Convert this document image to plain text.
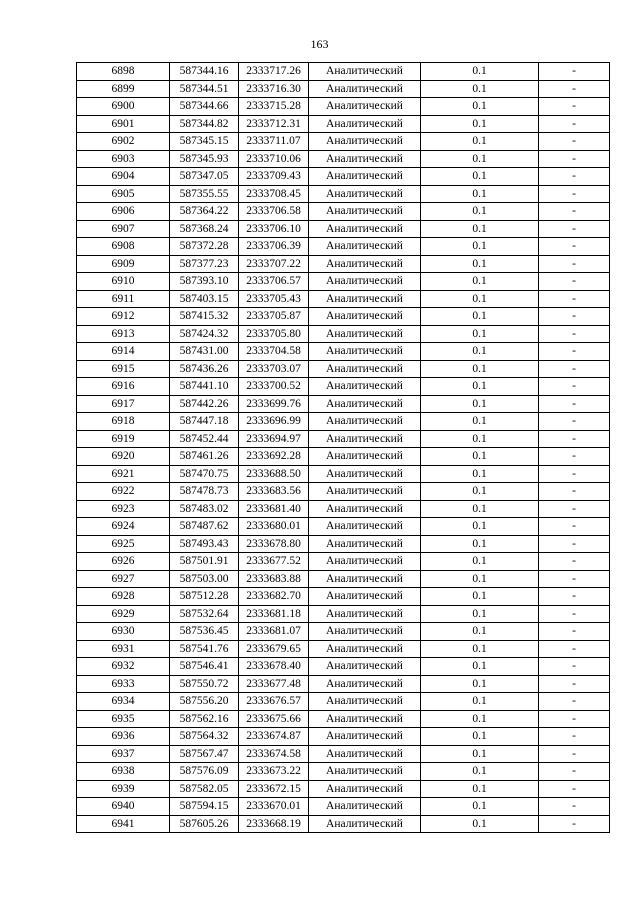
163
6898	587344.16	2333717.26	Аналитический	0.1	-
6899	587344.51	2333716.30	Аналитический	0.1	-
6900	587344.66	2333715.28	Аналитический	0.1	-
6901	587344.82	2333712.31	Аналитический	0.1	-
6902	587345.15	2333711.07	Аналитический	0.1	-
6903	587345.93	2333710.06	Аналитический	0.1	-
6904	587347.05	2333709.43	Аналитический	0.1	-
6905	587355.55	2333708.45	Аналитический	0.1	-
6906	587364.22	2333706.58	Аналитический	0.1	-
6907	587368.24	2333706.10	Аналитический	0.1	-
6908	587372.28	2333706.39	Аналитический	0.1	-
6909	587377.23	2333707.22	Аналитический	0.1	-
6910	587393.10	2333706.57	Аналитический	0.1	-
6911	587403.15	2333705.43	Аналитический	0.1	-
6912	587415.32	2333705.87	Аналитический	0.1	-
6913	587424.32	2333705.80	Аналитический	0.1	-
6914	587431.00	2333704.58	Аналитический	0.1	-
6915	587436.26	2333703.07	Аналитический	0.1	-
6916	587441.10	2333700.52	Аналитический	0.1	-
6917	587442.26	2333699.76	Аналитический	0.1	-
6918	587447.18	2333696.99	Аналитический	0.1	-
6919	587452.44	2333694.97	Аналитический	0.1	-
6920	587461.26	2333692.28	Аналитический	0.1	-
6921	587470.75	2333688.50	Аналитический	0.1	-
6922	587478.73	2333683.56	Аналитический	0.1	-
6923	587483.02	2333681.40	Аналитический	0.1	-
6924	587487.62	2333680.01	Аналитический	0.1	-
6925	587493.43	2333678.80	Аналитический	0.1	-
6926	587501.91	2333677.52	Аналитический	0.1	-
6927	587503.00	2333683.88	Аналитический	0.1	-
6928	587512.28	2333682.70	Аналитический	0.1	-
6929	587532.64	2333681.18	Аналитический	0.1	-
6930	587536.45	2333681.07	Аналитический	0.1	-
6931	587541.76	2333679.65	Аналитический	0.1	-
6932	587546.41	2333678.40	Аналитический	0.1	-
6933	587550.72	2333677.48	Аналитический	0.1	-
6934	587556.20	2333676.57	Аналитический	0.1	-
6935	587562.16	2333675.66	Аналитический	0.1	-
6936	587564.32	2333674.87	Аналитический	0.1	-
6937	587567.47	2333674.58	Аналитический	0.1	-
6938	587576.09	2333673.22	Аналитический	0.1	-
6939	587582.05	2333672.15	Аналитический	0.1	-
6940	587594.15	2333670.01	Аналитический	0.1	-
6941	587605.26	2333668.19	Аналитический	0.1	-
